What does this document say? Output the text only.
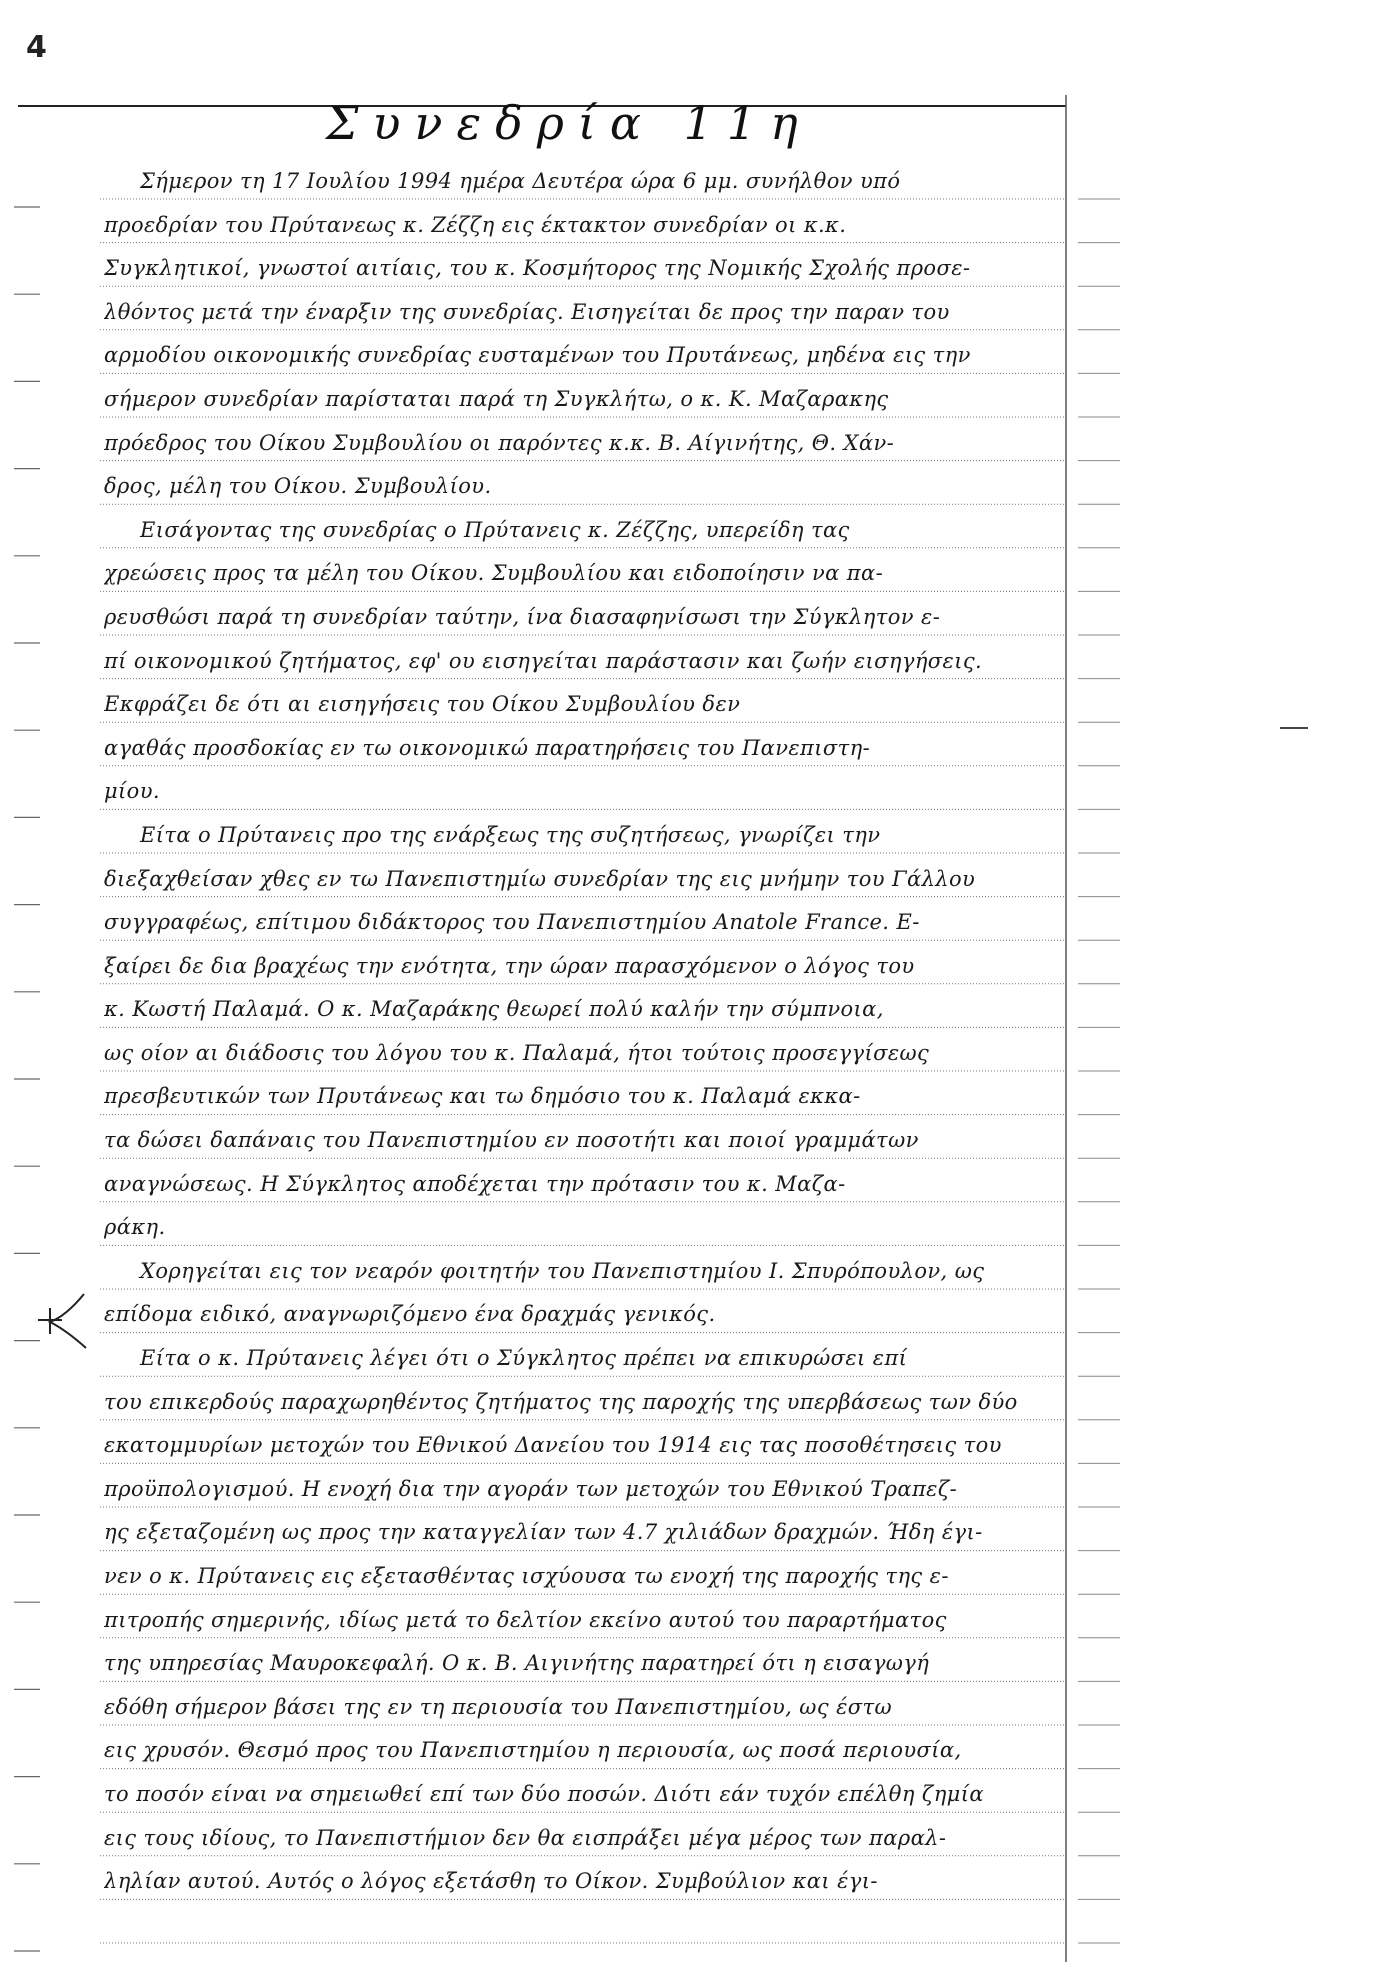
4
Συνεδρία 11η
Σήμερον τη 17 Ιουλίου 1994 ημέρα Δευτέρα ώρα 6 μμ. συνήλθον υπό
προεδρίαν του Πρύτανεως κ. Ζέζζη εις έκτακτον συνεδρίαν οι κ.κ.
Συγκλητικοί, γνωστοί αιτίαις, του κ. Κοσμήτορος της Νομικής Σχολής προσε-
λθόντος μετά την έναρξιν της συνεδρίας. Εισηγείται δε προς την παραν του
αρμοδίου οικονομικής συνεδρίας ευσταμένων του Πρυτάνεως, μηδένα εις την
σήμερον συνεδρίαν παρίσταται παρά τη Συγκλήτω, ο κ. Κ. Μαζαρακης
πρόεδρος του Οίκου Συμβουλίου οι παρόντες κ.κ. Β. Αίγινήτης, Θ. Χάν-
δρος, μέλη του Οίκου. Συμβουλίου.
Εισάγοντας της συνεδρίας ο Πρύτανεις κ. Ζέζζης, υπερείδη τας
χρεώσεις προς τα μέλη του Οίκου. Συμβουλίου και ειδοποίησιν να πα-
ρευσθώσι παρά τη συνεδρίαν ταύτην, ίνα διασαφηνίσωσι την Σύγκλητον ε-
πί οικονομικού ζητήματος, εφ' ου εισηγείται παράστασιν και ζωήν εισηγήσεις.
Εκφράζει δε ότι αι εισηγήσεις του Οίκου Συμβουλίου δεν
αγαθάς προσδοκίας εν τω οικονομικώ παρατηρήσεις του Πανεπιστη-
μίου.
Είτα ο Πρύτανεις προ της ενάρξεως της συζητήσεως, γνωρίζει την
διεξαχθείσαν χθες εν τω Πανεπιστημίω συνεδρίαν της εις μνήμην του Γάλλου
συγγραφέως, επίτιμου διδάκτορος του Πανεπιστημίου Anatole France. Ε-
ξαίρει δε δια βραχέως την ενότητα, την ώραν παρασχόμενον ο λόγος του
κ. Κωστή Παλαμά. Ο κ. Μαζαράκης θεωρεί πολύ καλήν την σύμπνοια,
ως οίον αι διάδοσις του λόγου του κ. Παλαμά, ήτοι τούτοις προσεγγίσεως
πρεσβευτικών των Πρυτάνεως και τω δημόσιο του κ. Παλαμά εκκα-
τα δώσει δαπάναις του Πανεπιστημίου εν ποσοτήτι και ποιοί γραμμάτων
αναγνώσεως. Η Σύγκλητος αποδέχεται την πρότασιν του κ. Μαζα-
ράκη.
Χορηγείται εις τον νεαρόν φοιτητήν του Πανεπιστημίου Ι. Σπυρόπουλον, ως
επίδομα ειδικό, αναγνωριζόμενο ένα δραχμάς γενικός.
Είτα ο κ. Πρύτανεις λέγει ότι ο Σύγκλητος πρέπει να επικυρώσει επί
του επικερδούς παραχωρηθέντος ζητήματος της παροχής της υπερβάσεως των δύο
εκατομμυρίων μετοχών του Εθνικού Δανείου του 1914 εις τας ποσοθέτησεις του
προϋπολογισμού. Η ενοχή δια την αγοράν των μετοχών του Εθνικού Τραπεζ-
ης εξεταζομένη ως προς την καταγγελίαν των 4.7 χιλιάδων δραχμών. Ήδη έγι-
νεν ο κ. Πρύτανεις εις εξετασθέντας ισχύουσα τω ενοχή της παροχής της ε-
πιτροπής σημερινής, ιδίως μετά το δελτίον εκείνο αυτού του παραρτήματος
της υπηρεσίας Μαυροκεφαλή. Ο κ. Β. Αιγινήτης παρατηρεί ότι η εισαγωγή
εδόθη σήμερον βάσει της εν τη περιουσία του Πανεπιστημίου, ως έστω
εις χρυσόν. Θεσμό προς του Πανεπιστημίου η περιουσία, ως ποσά περιουσία,
το ποσόν είναι να σημειωθεί επί των δύο ποσών. Διότι εάν τυχόν επέλθη ζημία
εις τους ιδίους, το Πανεπιστήμιον δεν θα εισπράξει μέγα μέρος των παραλ-
ληλίαν αυτού. Αυτός ο λόγος εξετάσθη το Οίκον. Συμβούλιον και έγι-
